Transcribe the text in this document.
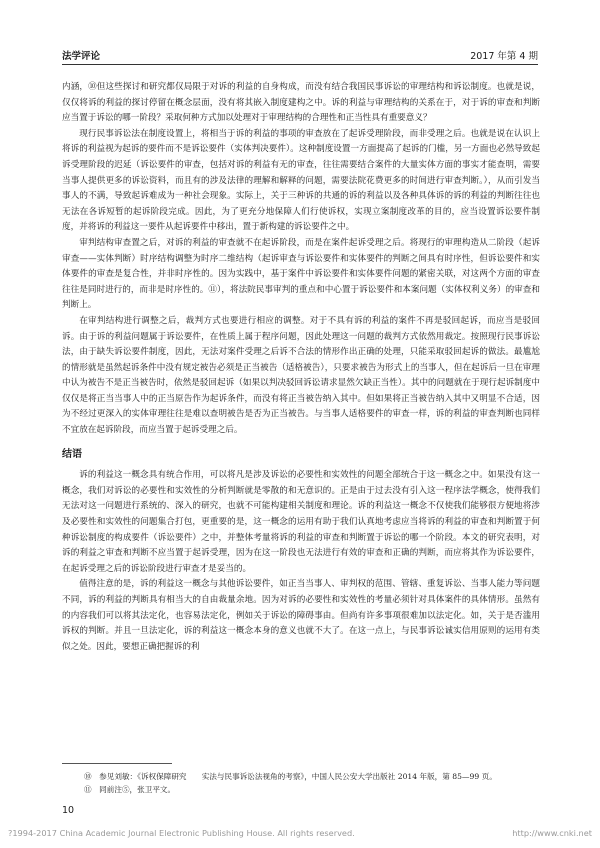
法学评论	2017 年第 4 期

内涵，⑩但这些探讨和研究都仅局限于对诉的利益的自身构成，而没有结合我国民事诉讼的审理结构和诉讼制度。也就是说，仅仅将诉的利益的探讨停留在概念层面，没有将其嵌入制度建构之中。诉的利益与审理结构的关系在于，对于诉的审查和判断应当置于诉讼的哪一阶段？采取何种方式加以处理对于审理结构的合理性和正当性具有重要意义？

现行民事诉讼法在制度设置上，将相当于诉的利益的事项的审查放在了起诉受理阶段，而非受理之后。也就是说在认识上将诉的利益视为起诉的要件而不是诉讼要件（实体判决要件）。这种制度设置一方面提高了起诉的门槛，另一方面也必然导致起诉受理阶段的迟延（诉讼要件的审查，包括对诉的利益有无的审查，往往需要结合案件的大量实体方面的事实才能查明，需要当事人提供更多的诉讼资料，而且有的涉及法律的理解和解释的问题，需要法院花费更多的时间进行审查判断。），从而引发当事人的不满，导致起诉难成为一种社会现象。实际上，关于三种诉的共通的诉的利益以及各种具体诉的诉的利益的判断往往也无法在各诉短暂的起诉阶段完成。因此，为了更充分地保障人们行使诉权，实现立案制度改革的目的，应当设置诉讼要件制度，并将诉的利益这一要件从起诉要件中移出，置于新构建的诉讼要件之中。

审判结构审查置之后，对诉的利益的审查就不在起诉阶段，而是在案件起诉受理之后。将现行的审理构造从二阶段（起诉审查——实体判断）时序结构调整为时序二维结构（起诉审查与诉讼要件和实体要件的判断之间具有时序性，但诉讼要件和实体要件的审查是复合性，并非时序性的。因为实践中，基于案件中诉讼要件和实体要件问题的紧密关联，对这两个方面的审查往往是同时进行的，而非是时序性的。⑪），将法院民事审判的重点和中心置于诉讼要件和本案问题（实体权利义务）的审查和判断上。

在审判结构进行调整之后，裁判方式也要进行相应的调整。对于不具有诉的利益的案件不再是驳回起诉，而应当是驳回诉。由于诉的利益问题属于诉讼要件，在性质上属于程序问题，因此处理这一问题的裁判方式依然用裁定。按照现行民事诉讼法，由于缺失诉讼要件制度，因此，无法对案件受理之后诉不合法的情形作出正确的处理，只能采取驳回起诉的做法。最尴尬的情形就是虽然起诉条件中没有规定被告必须是正当被告（适格被告），只要求被告为形式上的当事人，但在起诉后一旦在审理中认为被告不是正当被告时，依然是驳回起诉（如果以判决驳回诉讼请求显然欠缺正当性）。其中的问题就在于现行起诉制度中仅仅是将正当当事人中的正当原告作为起诉条件，而没有将正当被告纳入其中。但如果将正当被告纳入其中又明显不合适，因为不经过更深入的实体审理往往是难以查明被告是否为正当被告。与当事人适格要件的审查一样，诉的利益的审查判断也同样不宜放在起诉阶段，而应当置于起诉受理之后。

结语

诉的利益这一概念具有统合作用，可以将凡是涉及诉讼的必要性和实效性的问题全部统合于这一概念之中。如果没有这一概念，我们对诉讼的必要性和实效性的分析判断就是零散的和无意识的。正是由于过去没有引入这一程序法学概念，使得我们无法对这一问题进行系统的、深入的研究，也就不可能构建相关制度和理论。诉的利益这一概念不仅使我们能够很方便地将涉及必要性和实效性的问题集合打包，更重要的是，这一概念的运用有助于我们认真地考虑应当将诉的利益的审查和判断置于何种诉讼制度的构成要件（诉讼要件）之中，并整体考量将诉的利益的审查和判断置于诉讼的哪一个阶段。本文的研究表明，对诉的利益之审查和判断不应当置于起诉受理，因为在这一阶段也无法进行有效的审查和正确的判断，而应将其作为诉讼要件，在起诉受理之后的诉讼阶段进行审查才是妥当的。

值得注意的是，诉的利益这一概念与其他诉讼要件，如正当当事人、审判权的范围、管辖、重复诉讼、当事人能力等问题不同，诉的利益的判断具有相当大的自由裁量余地。因为对诉的必要性和实效性的考量必须针对具体案件的具体情形。虽然有的内容我们可以将其法定化，也容易法定化，例如关于诉讼的障碍事由。但尚有许多事项很难加以法定化。如，关于是否滥用诉权的判断。并且一旦法定化，诉的利益这一概念本身的意义也就不大了。在这一点上，与民事诉讼诚实信用原则的运用有类似之处。因此，要想正确把握诉的利

⑩　参见刘敏：《诉权保障研究　　实法与民事诉讼法视角的考察》，中国人民公安大学出版社 2014 年版，第 85—99 页。
⑪　同前注⑤，张卫平文。
10
?1994-2017 China Academic Journal Electronic Publishing House. All rights reserved.	http://www.cnki.net
